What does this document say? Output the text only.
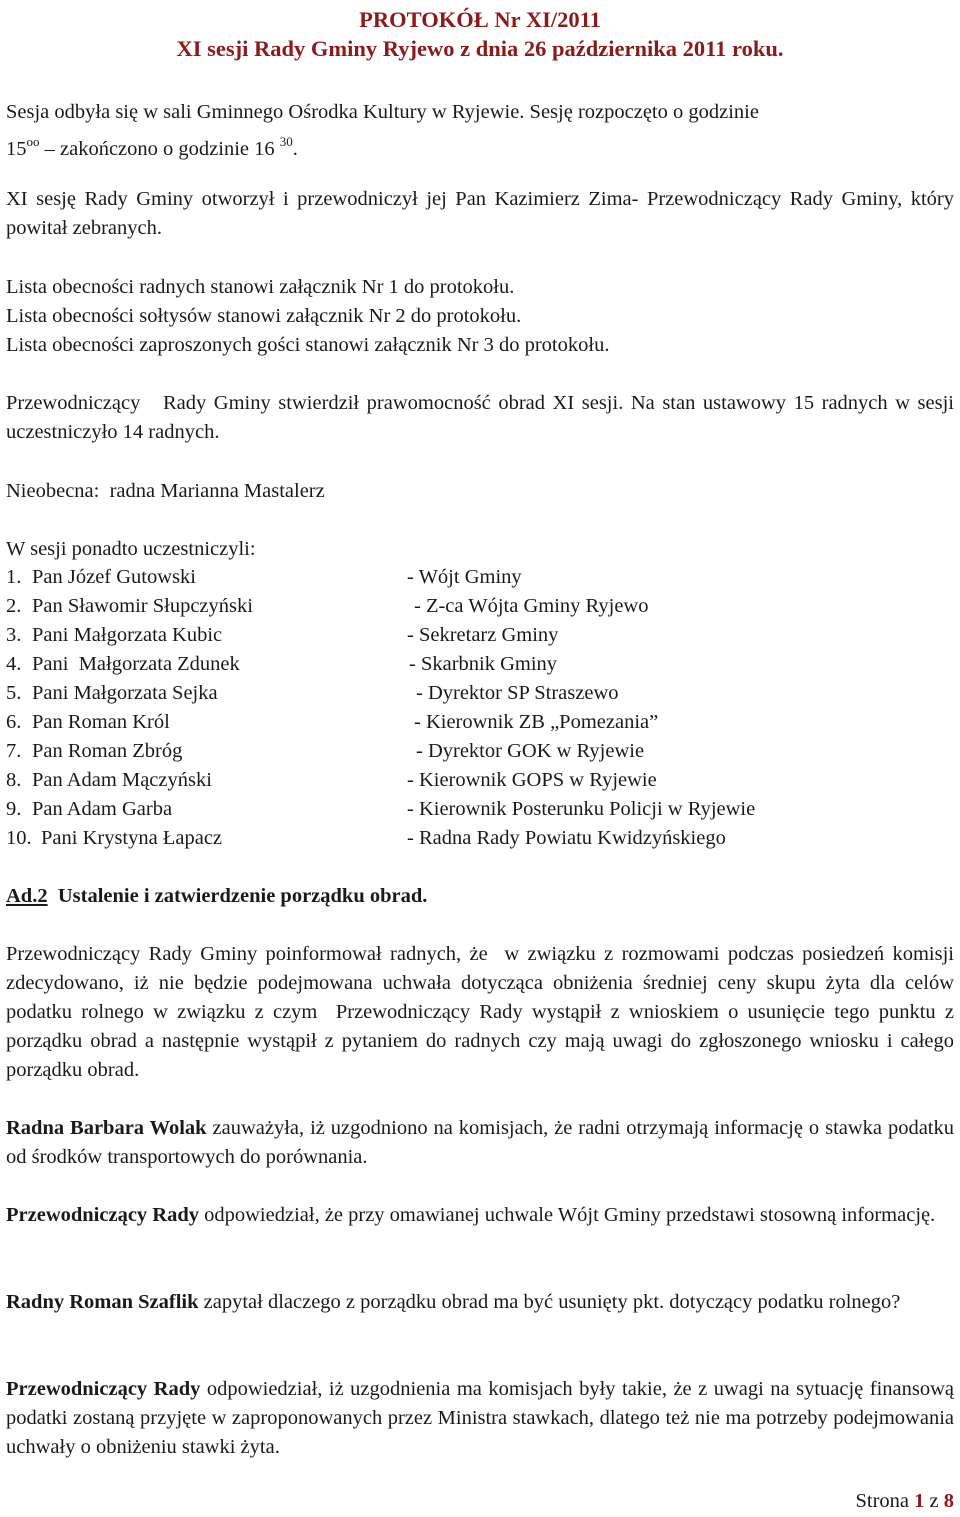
PROTOKÓŁ Nr XI/2011
XI sesji Rady Gminy Ryjewo z dnia 26 października 2011 roku.
Sesja odbyła się w sali Gminnego Ośrodka Kultury w Ryjewie. Sesję rozpoczęto o godzinie
$15^{oo}$ – zakończono o godzinie 16 $^{30}$.

XI sesję Rady Gminy otworzył i przewodniczył jej Pan Kazimierz Zima- Przewodniczący Rady Gminy, który powitał zebranych.

Lista obecności radnych stanowi załącznik Nr 1 do protokołu.
Lista obecności sołtysów stanowi załącznik Nr 2 do protokołu.
Lista obecności zaproszonych gości stanowi załącznik Nr 3 do protokołu.

Przewodniczący   Rady Gminy stwierdził prawomocność obrad XI sesji. Na stan ustawowy 15 radnych w sesji uczestniczyło 14 radnych.

Nieobecna:  radna Marianna Mastalerz
W sesji ponadto uczestniczyli:
1. Pan Józef Gutowski	- Wójt Gminy
2. Pan Sławomir Słupczyński	- Z-ca Wójta Gminy Ryjewo
3. Pani Małgorzata Kubic	- Sekretarz Gminy
4. Pani  Małgorzata Zdunek	- Skarbnik Gminy
5. Pani Małgorzata Sejka	- Dyrektor SP Straszewo
6. Pan Roman Król	- Kierownik ZB „Pomezania”
7. Pan Roman Zbróg	- Dyrektor GOK w Ryjewie
8. Pan Adam Mączyński	- Kierownik GOPS w Ryjewie
9. Pan Adam Garba	- Kierownik Posterunku Policji w Ryjewie
10. Pani Krystyna Łapacz	- Radna Rady Powiatu Kwidzyńskiego
Ad.2  Ustalenie i zatwierdzenie porządku obrad.

Przewodniczący Rady Gminy poinformował radnych, że  w związku z rozmowami podczas posiedzeń komisji zdecydowano, iż nie będzie podejmowana uchwała dotycząca obniżenia średniej ceny skupu żyta dla celów podatku rolnego w związku z czym  Przewodniczący Rady wystąpił z wnioskiem o usunięcie tego punktu z porządku obrad a następnie wystąpił z pytaniem do radnych czy mają uwagi do zgłoszonego wniosku i całego porządku obrad.

Radna Barbara Wolak zauważyła, iż uzgodniono na komisjach, że radni otrzymają informację o stawka podatku od środków transportowych do porównania.

Przewodniczący Rady odpowiedział, że przy omawianej uchwale Wójt Gminy przedstawi stosowną informację.

Radny Roman Szaflik zapytał dlaczego z porządku obrad ma być usunięty pkt. dotyczący podatku rolnego?

Przewodniczący Rady odpowiedział, iż uzgodnienia ma komisjach były takie, że z uwagi na sytuację finansową podatki zostaną przyjęte w zaproponowanych przez Ministra stawkach, dlatego też nie ma potrzeby podejmowania uchwały o obniżeniu stawki żyta.

Strona 1 z 8
